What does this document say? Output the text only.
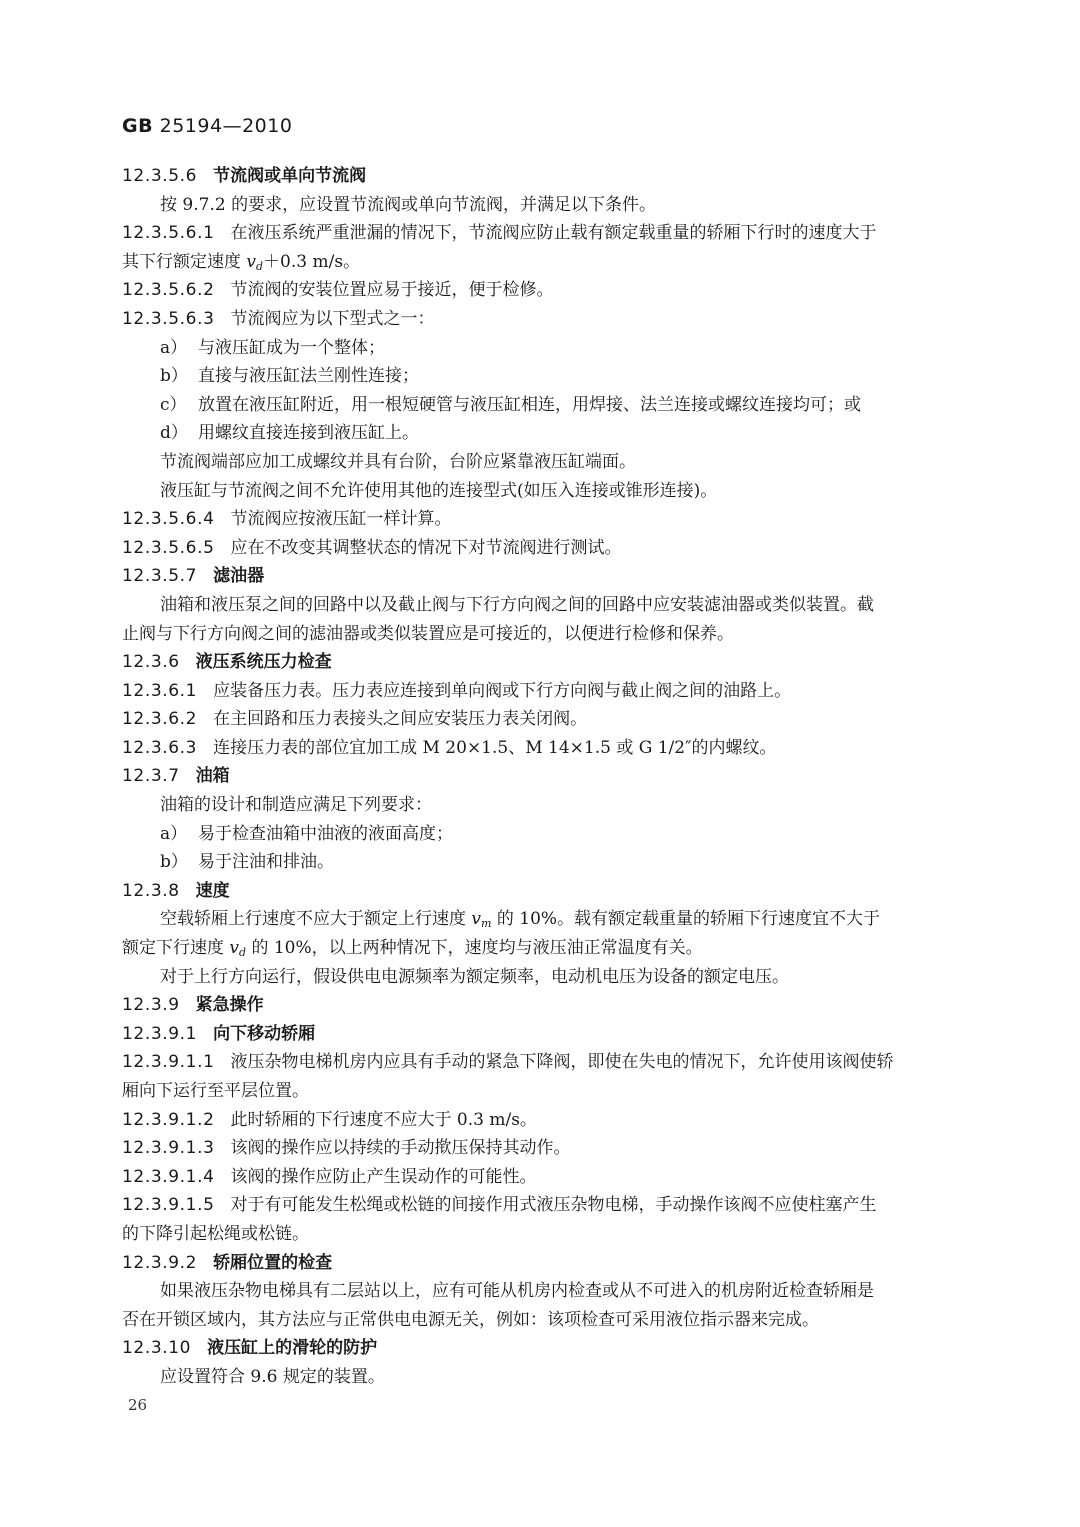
GB 25194—2010
12.3.5.6 节流阀或单向节流阀
按 9.7.2 的要求，应设置节流阀或单向节流阀，并满足以下条件。
12.3.5.6.1 在液压系统严重泄漏的情况下，节流阀应防止载有额定载重量的轿厢下行时的速度大于
其下行额定速度 $v_d+0.3$ m/s。
12.3.5.6.2 节流阀的安装位置应易于接近，便于检修。
12.3.5.6.3 节流阀应为以下型式之一：
a） 与液压缸成为一个整体；
b） 直接与液压缸法兰刚性连接；
c） 放置在液压缸附近，用一根短硬管与液压缸相连，用焊接、法兰连接或螺纹连接均可；或
d） 用螺纹直接连接到液压缸上。
节流阀端部应加工成螺纹并具有台阶，台阶应紧靠液压缸端面。
液压缸与节流阀之间不允许使用其他的连接型式(如压入连接或锥形连接)。
12.3.5.6.4 节流阀应按液压缸一样计算。
12.3.5.6.5 应在不改变其调整状态的情况下对节流阀进行测试。
12.3.5.7 滤油器
油箱和液压泵之间的回路中以及截止阀与下行方向阀之间的回路中应安装滤油器或类似装置。截
止阀与下行方向阀之间的滤油器或类似装置应是可接近的，以便进行检修和保养。
12.3.6 液压系统压力检查
12.3.6.1 应装备压力表。压力表应连接到单向阀或下行方向阀与截止阀之间的油路上。
12.3.6.2 在主回路和压力表接头之间应安装压力表关闭阀。
12.3.6.3 连接压力表的部位宜加工成 M 20×1.5、M 14×1.5 或 G 1/2″的内螺纹。
12.3.7 油箱
油箱的设计和制造应满足下列要求：
a） 易于检查油箱中油液的液面高度；
b） 易于注油和排油。
12.3.8 速度
空载轿厢上行速度不应大于额定上行速度 $v_m$ 的 10%。载有额定载重量的轿厢下行速度宜不大于
额定下行速度 $v_d$ 的 10%，以上两种情况下，速度均与液压油正常温度有关。
对于上行方向运行，假设供电电源频率为额定频率，电动机电压为设备的额定电压。
12.3.9 紧急操作
12.3.9.1 向下移动轿厢
12.3.9.1.1 液压杂物电梯机房内应具有手动的紧急下降阀，即使在失电的情况下，允许使用该阀使轿
厢向下运行至平层位置。
12.3.9.1.2 此时轿厢的下行速度不应大于 0.3 m/s。
12.3.9.1.3 该阀的操作应以持续的手动揿压保持其动作。
12.3.9.1.4 该阀的操作应防止产生误动作的可能性。
12.3.9.1.5 对于有可能发生松绳或松链的间接作用式液压杂物电梯，手动操作该阀不应使柱塞产生
的下降引起松绳或松链。
12.3.9.2 轿厢位置的检查
如果液压杂物电梯具有二层站以上，应有可能从机房内检查或从不可进入的机房附近检查轿厢是
否在开锁区域内，其方法应与正常供电电源无关，例如：该项检查可采用液位指示器来完成。
12.3.10 液压缸上的滑轮的防护
应设置符合 9.6 规定的装置。
26
